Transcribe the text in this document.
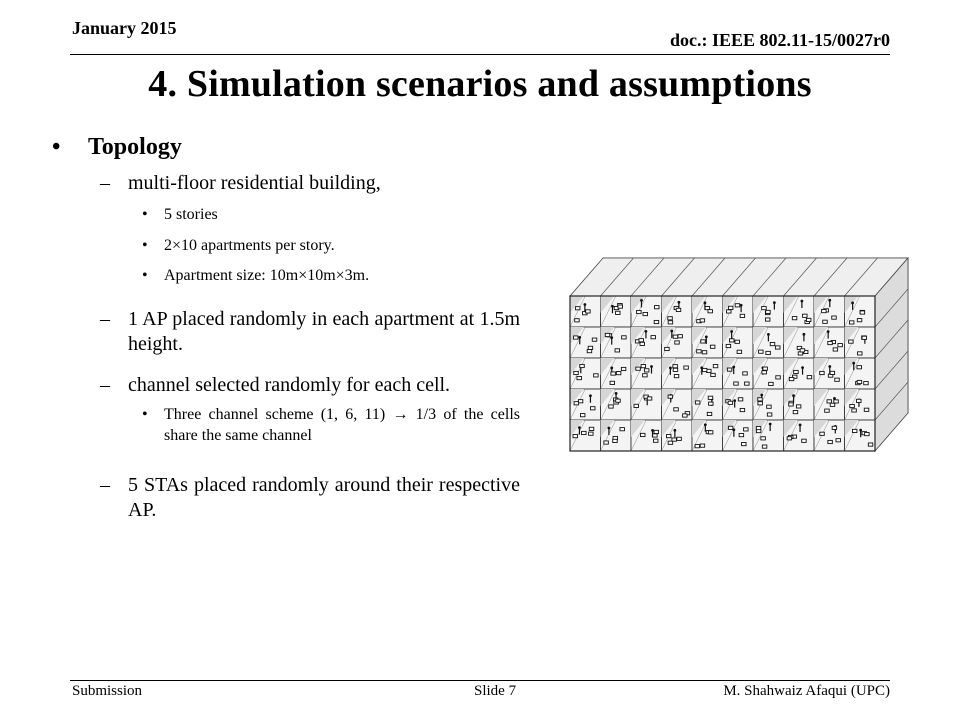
January 2015
doc.: IEEE 802.11-15/0027r0
4. Simulation scenarios and assumptions
• Topology
– multi-floor residential building,
• 5 stories
• 2×10 apartments per story.
• Apartment size: 10m×10m×3m.
– 1 AP placed randomly in each apartment at 1.5m height.
– channel selected randomly for each cell.
• Three channel scheme (1, 6, 11) → 1/3 of the cells share the same channel
– 5 STAs placed randomly around their respective AP.
Submission	Slide 7	M. Shahwaiz Afaqui (UPC)
